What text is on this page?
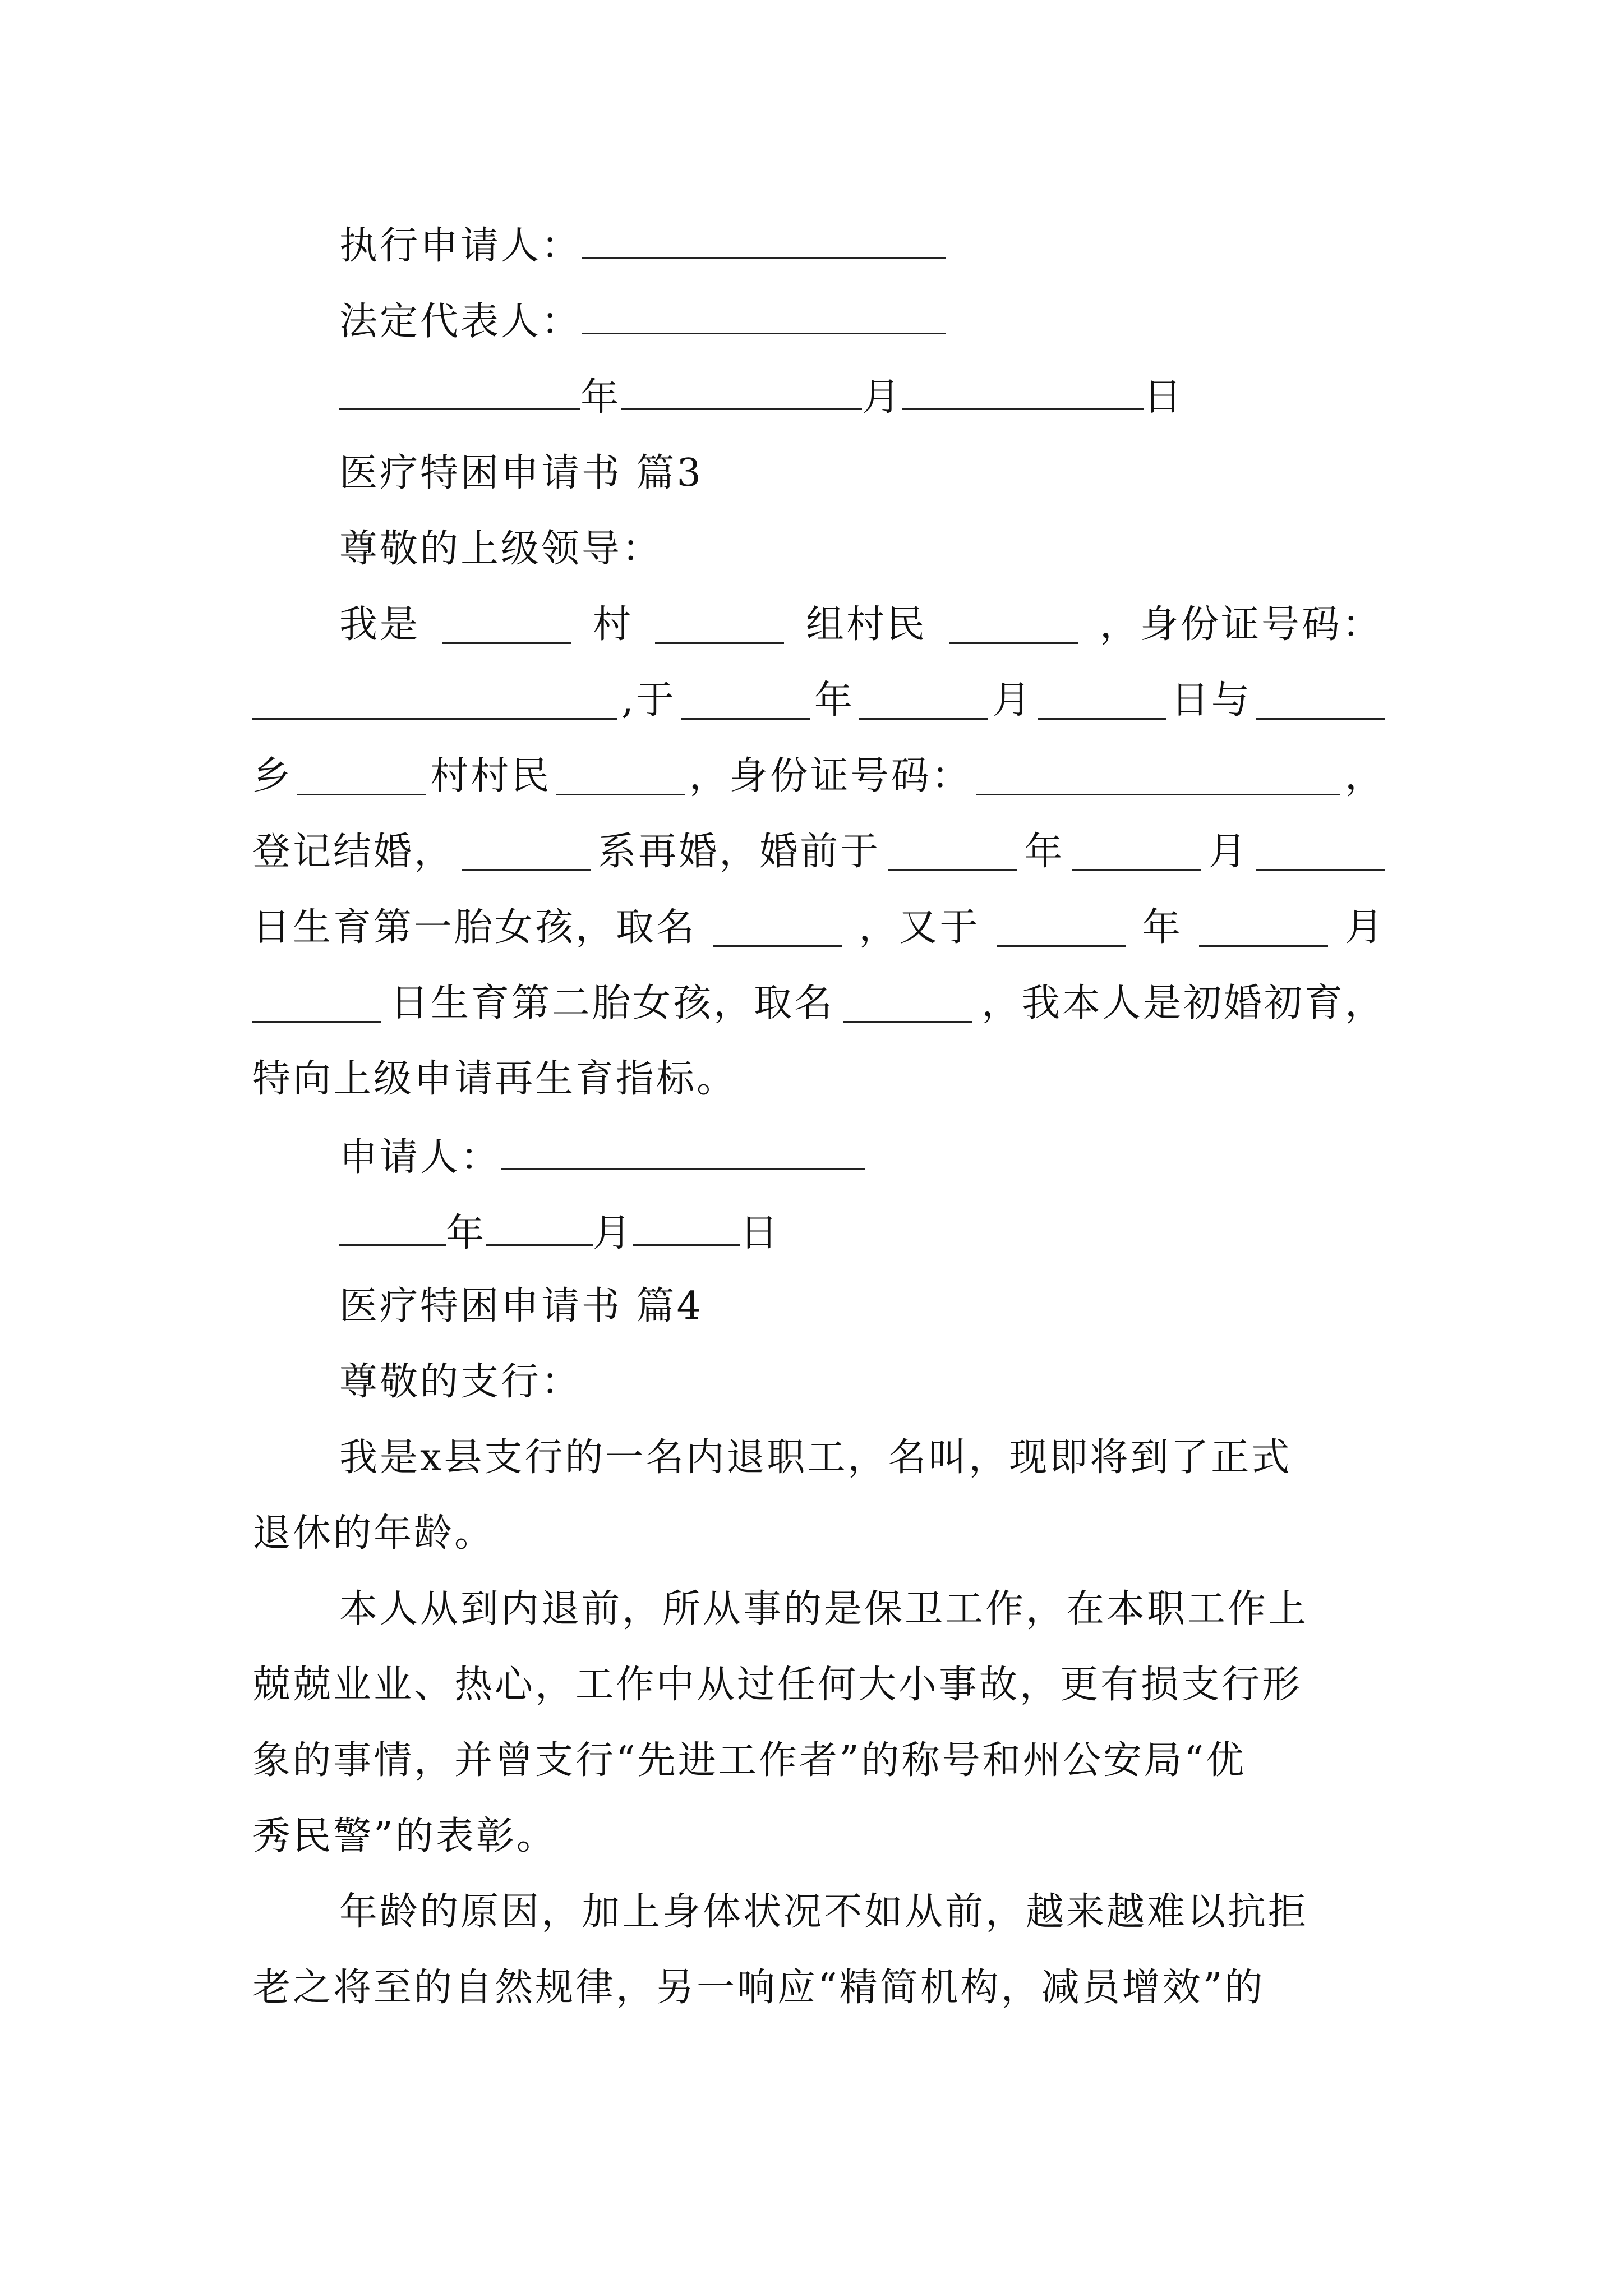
执行申请人：
法定代表人：
年	月	日
医疗特困申请书 篇3
尊敬的上级领导：
我是	村	组村民	，身份证号码：
,于	年	月	日与
乡	村村民	，身份证号码：	，
登记结婚，	系再婚，婚前于	年	月
日生育第一胎女孩，取名	，又于	年	月
日生育第二胎女孩，取名	，我本人是初婚初育，
特向上级申请再生育指标。
申请人：
年	月	日
医疗特困申请书 篇4
尊敬的支行：
我是x县支行的一名内退职工，名叫，现即将到了正式
退休的年龄。
本人从到内退前，所从事的是保卫工作，在本职工作上
兢兢业业、热心，工作中从过任何大小事故，更有损支行形
象的事情，并曾支行“先进工作者”的称号和州公安局“优
秀民警”的表彰。
年龄的原因，加上身体状况不如从前，越来越难以抗拒
老之将至的自然规律，另一响应“精简机构，减员增效”的
